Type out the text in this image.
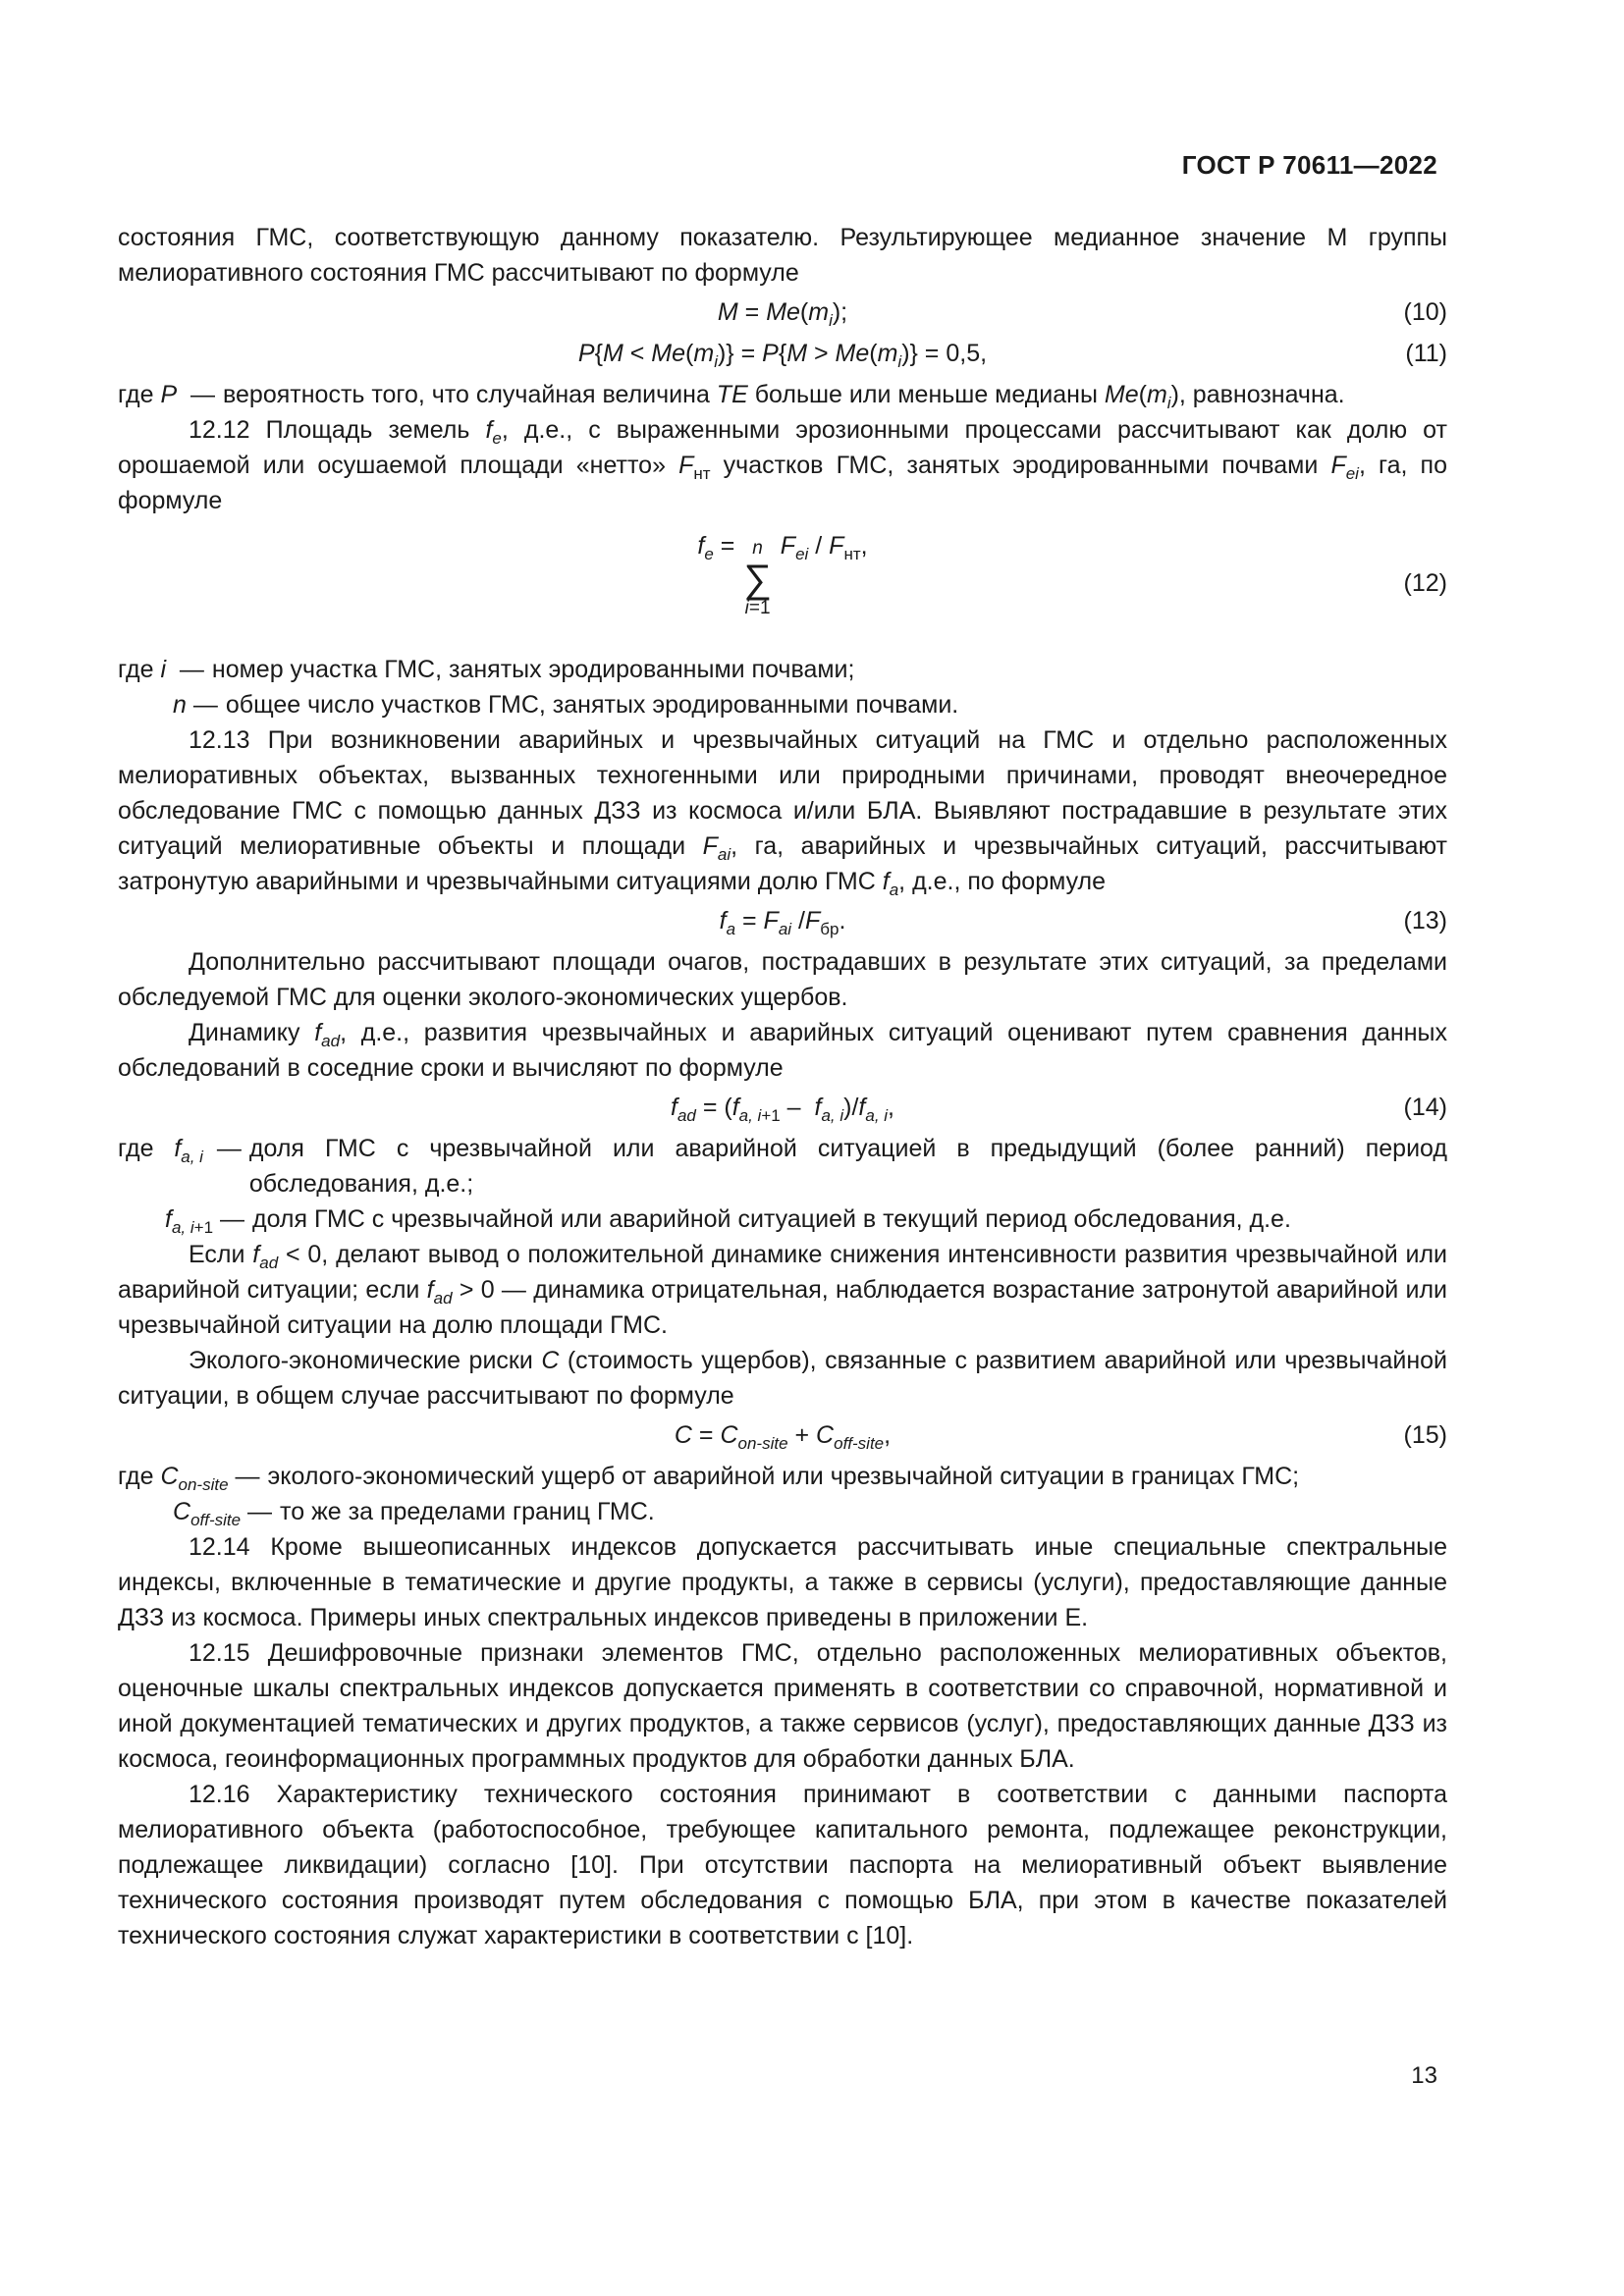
ГОСТ Р 70611—2022

состояния ГМС, соответствующую данному показателю. Результирующее медианное значение M группы мелиоративного состояния ГМС рассчитывают по формуле

$M = Me(m_i)$;	(10)
$P\{M < Me(m_i)\} = P\{M > Me(m_i)\} = 0,5$,	(11)
где P  — вероятность того, что случайная величина TE больше или меньше медианы $Me(m_i)$, равнозначна.

12.12 Площадь земель $f_e$, д.е., с выраженными эрозионными процессами рассчитывают как долю от орошаемой или осушаемой площади «нетто» $F_{нт}$ участков ГМС, занятых эродированными почвами $F_{ei}$, га, по формуле

$f_e = n$
∑
i=1
$F_{ei} / F_{нт}$,
(12)
где i  — номер участка ГМС, занятых эродированными почвами;
n — общее число участков ГМС, занятых эродированными почвами.

12.13 При возникновении аварийных и чрезвычайных ситуаций на ГМС и отдельно расположенных мелиоративных объектах, вызванных техногенными или природными причинами, проводят внеочередное обследование ГМС с помощью данных ДЗЗ из космоса и/или БЛА. Выявляют пострадавшие в результате этих ситуаций мелиоративные объекты и площади $F_{ai}$, га, аварийных и чрезвычайных ситуаций, рассчитывают затронутую аварийными и чрезвычайными ситуациями долю ГМС $f_a$, д.е., по формуле

$f_a = F_{ai}$ $/F_{бр}$.	(13)

Дополнительно рассчитывают площади очагов, пострадавших в результате этих ситуаций, за пределами обследуемой ГМС для оценки эколого-экономических ущербов.

Динамику $f_{ad}$, д.е., развития чрезвычайных и аварийных ситуаций оценивают путем сравнения данных обследований в соседние сроки и вычисляют по формуле

$f_{ad} = (f_{a, i+1} - f_{a, i})/f_{a, i}$,	(14)
где   $f_{a, i}$  — доля ГМС с чрезвычайной или аварийной ситуацией в предыдущий (более ранний) период обследования, д.е.;
$f_{a, i+1}$ — доля ГМС с чрезвычайной или аварийной ситуацией в текущий период обследования, д.е.

Если $f_{ad} < 0$, делают вывод о положительной динамике снижения интенсивности развития чрезвычайной или аварийной ситуации; если $f_{ad} > 0$ — динамика отрицательная, наблюдается возрастание затронутой аварийной или чрезвычайной ситуации на долю площади ГМС.

Эколого-экономические риски C (стоимость ущербов), связанные с развитием аварийной или чрезвычайной ситуации, в общем случае рассчитывают по формуле

$C = C_{on-site} + C_{off-site}$,	(15)
где $C_{on-site}$ — эколого-экономический ущерб от аварийной или чрезвычайной ситуации в границах ГМС;
$C_{off-site}$ — то же за пределами границ ГМС.

12.14 Кроме вышеописанных индексов допускается рассчитывать иные специальные спектральные индексы, включенные в тематические и другие продукты, а также в сервисы (услуги), предоставляющие данные ДЗЗ из космоса. Примеры иных спектральных индексов приведены в приложении Е.

12.15 Дешифровочные признаки элементов ГМС, отдельно расположенных мелиоративных объектов, оценочные шкалы спектральных индексов допускается применять в соответствии со справочной, нормативной и иной документацией тематических и других продуктов, а также сервисов (услуг), предоставляющих данные ДЗЗ из космоса, геоинформационных программных продуктов для обработки данных БЛА.

12.16 Характеристику технического состояния принимают в соответствии с данными паспорта мелиоративного объекта (работоспособное, требующее капитального ремонта, подлежащее реконструкции, подлежащее ликвидации) согласно [10]. При отсутствии паспорта на мелиоративный объект выявление технического состояния производят путем обследования с помощью БЛА, при этом в качестве показателей технического состояния служат характеристики в соответствии с [10].

13
